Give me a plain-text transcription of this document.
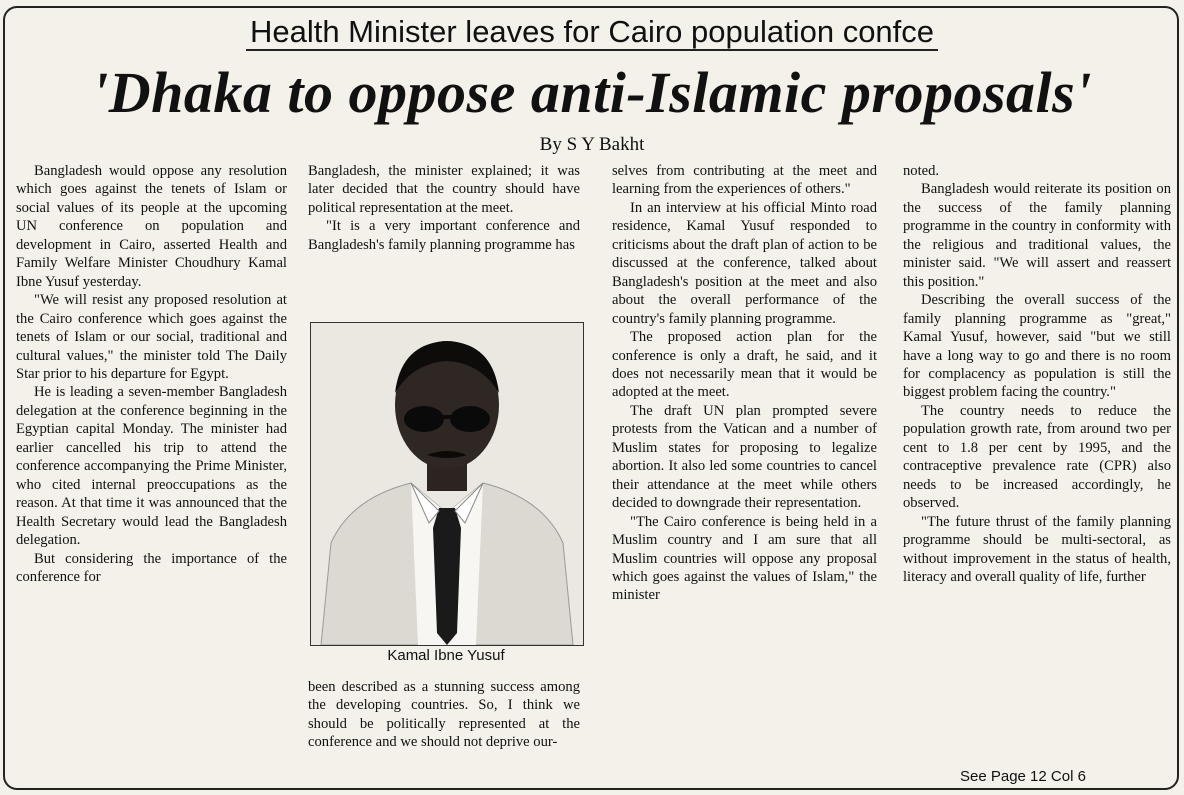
Health Minister leaves for Cairo population confce
'Dhaka to oppose anti-Islamic proposals'
By S Y Bakht

Bangladesh would oppose any resolution which goes against the tenets of Islam or social values of its people at the upcoming UN conference on population and development in Cairo, asserted Health and Family Welfare Minister Choudhury Kamal Ibne Yusuf yesterday.

"We will resist any proposed resolution at the Cairo conference which goes against the tenets of Islam or our social, traditional and cultural values," the minister told The Daily Star prior to his departure for Egypt.

He is leading a seven-member Bangladesh delegation at the conference beginning in the Egyptian capital Monday. The minister had earlier cancelled his trip to attend the conference accompanying the Prime Minister, who cited internal preoccupations as the reason. At that time it was announced that the Health Secretary would lead the Bangladesh delegation.

But considering the importance of the conference for

Bangladesh, the minister explained; it was later decided that the country should have political representation at the meet.

"It is a very important conference and Bangladesh's family planning programme has

Kamal Ibne Yusuf

been described as a stunning success among the developing countries. So, I think we should be politically represented at the conference and we should not deprive our-

selves from contributing at the meet and learning from the experiences of others."

In an interview at his official Minto road residence, Kamal Yusuf responded to criticisms about the draft plan of action to be discussed at the conference, talked about Bangladesh's position at the meet and also about the overall performance of the country's family planning programme.

The proposed action plan for the conference is only a draft, he said, and it does not necessarily mean that it would be adopted at the meet.

The draft UN plan prompted severe protests from the Vatican and a number of Muslim states for proposing to legalize abortion. It also led some countries to cancel their attendance at the meet while others decided to downgrade their representation.

"The Cairo conference is being held in a Muslim country and I am sure that all Muslim countries will oppose any proposal which goes against the values of Islam," the minister

noted.

Bangladesh would reiterate its position on the success of the family planning programme in the country in conformity with the religious and traditional values, the minister said. "We will assert and reassert this position."

Describing the overall success of the family planning programme as "great," Kamal Yusuf, however, said "but we still have a long way to go and there is no room for complacency as population is still the biggest problem facing the country."

The country needs to reduce the population growth rate, from around two per cent to 1.8 per cent by 1995, and the contraceptive prevalence rate (CPR) also needs to be increased accordingly, he observed.

"The future thrust of the family planning programme should be multi-sectoral, as without improvement in the status of health, literacy and overall quality of life, further

See Page 12 Col 6
